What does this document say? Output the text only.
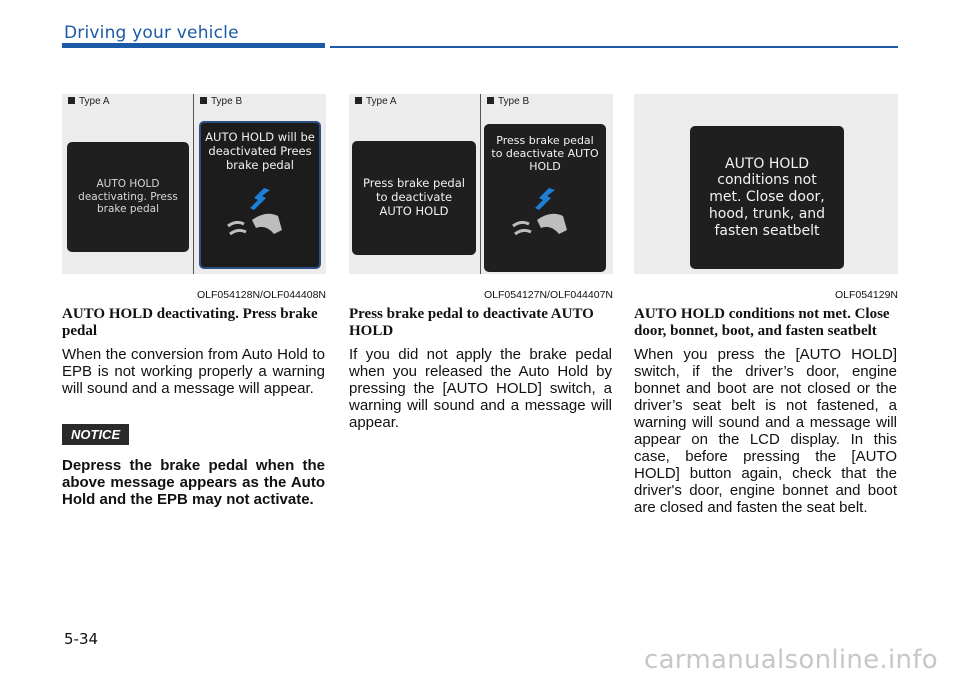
Driving your vehicle
Type A	Type B
AUTO HOLD deactivating. Press brake pedal
AUTO HOLD will be deactivated Prees brake pedal
OLF054128N/OLF044408N
Type A	Type B
Press brake pedal to deactivate AUTO HOLD
Press brake pedal to deactivate AUTO HOLD
OLF054127N/OLF044407N
AUTO HOLD conditions not met. Close door, hood, trunk, and fasten seatbelt
OLF054129N

AUTO HOLD deactivating. Press brake pedal

When the conversion from Auto Hold to EPB is not working properly a warning will sound and a message will appear.

NOTICE

Depress the brake pedal when the above message appears as the Auto Hold and the EPB may not activate.

Press brake pedal to deactivate AUTO HOLD

If you did not apply the brake pedal when you released the Auto Hold by pressing the [AUTO HOLD] switch, a warning will sound and a message will appear.

AUTO HOLD conditions not met. Close door, bonnet, boot, and fasten seatbelt

When you press the [AUTO HOLD] switch, if the driver’s door, engine bonnet and boot are not closed or the driver’s seat belt is not fastened, a warning will sound and a message will appear on the LCD display. In this case, before pressing the [AUTO HOLD] button again, check that the driver's door, engine bonnet and boot are closed and fasten the seat belt.

5-34
carmanualsonline.info
